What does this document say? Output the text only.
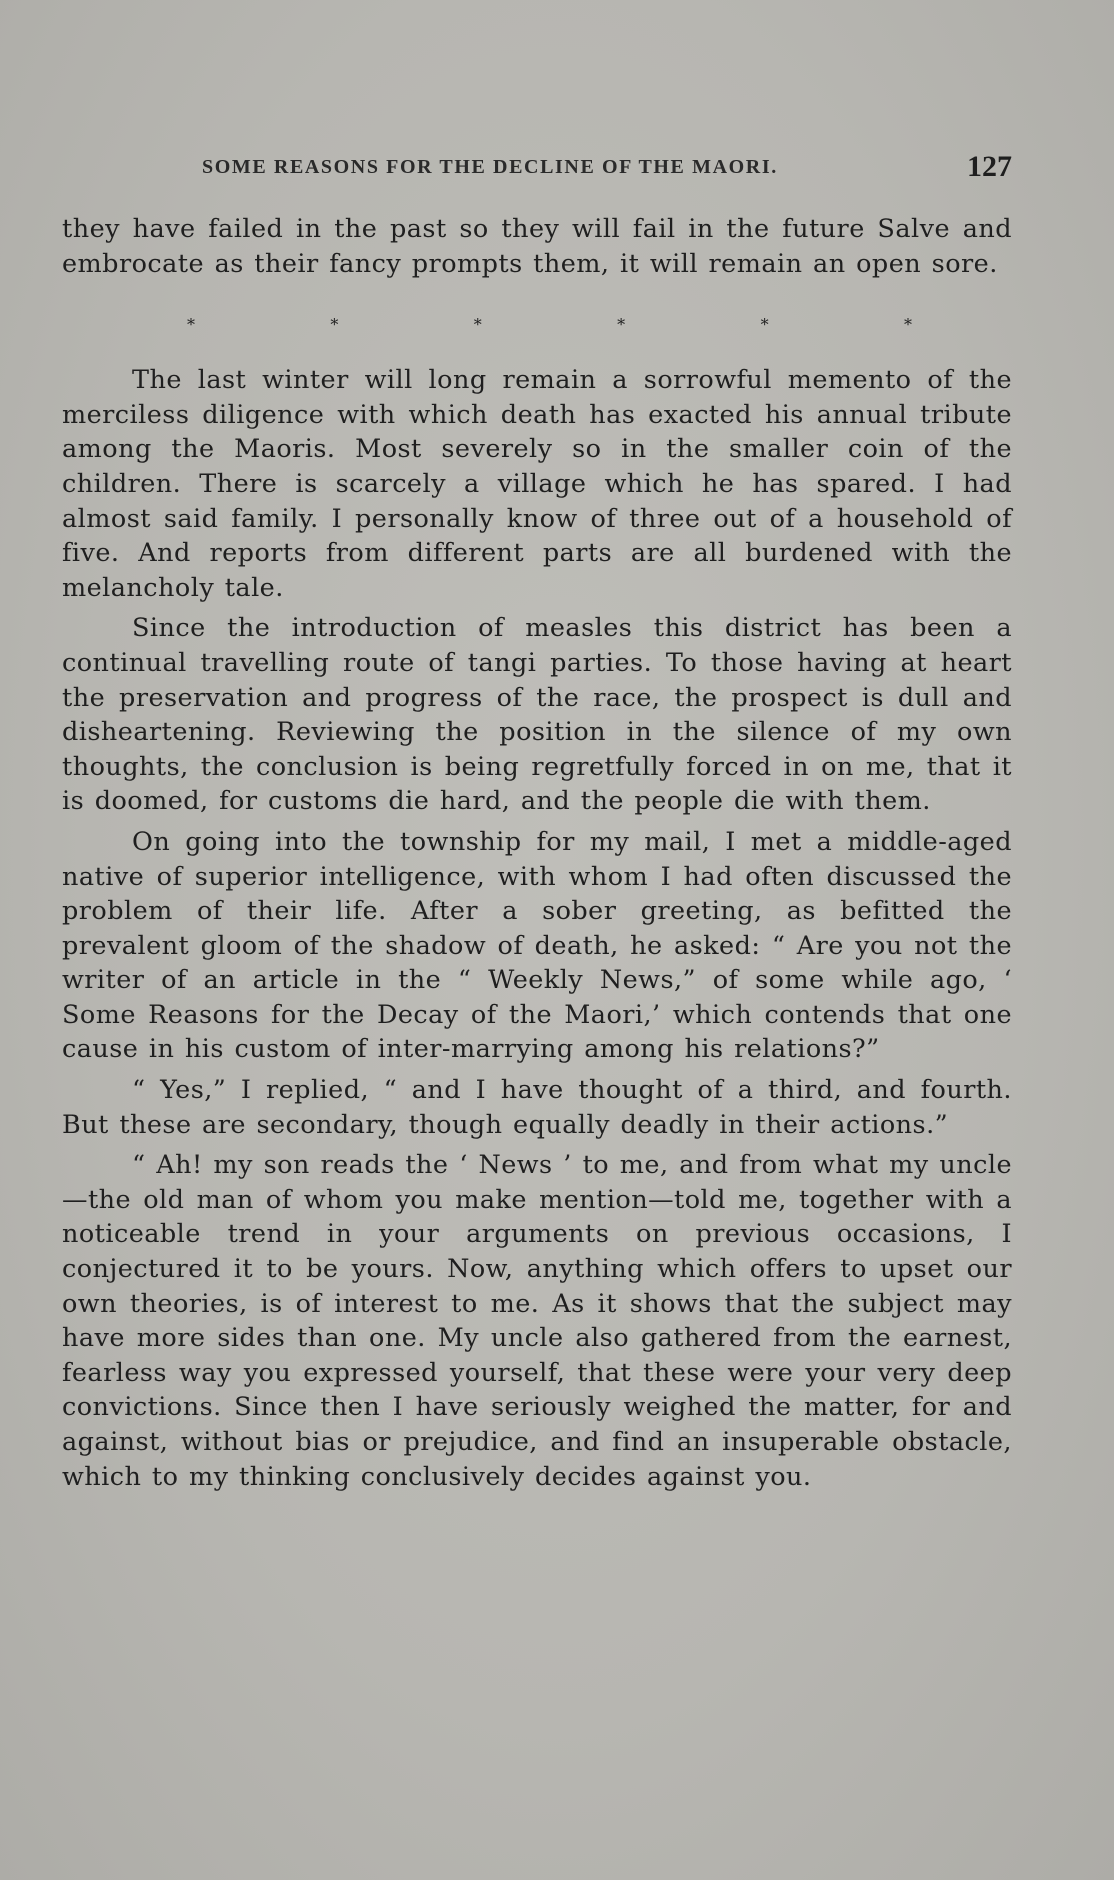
SOME REASONS FOR THE DECLINE OF THE MAORI.	127

they have failed in the past so they will fail in the future Salve and embrocate as their fancy prompts them, it will remain an open sore.

*	*	*	*	*	*

The last winter will long remain a sorrowful memento of the merciless diligence with which death has exacted his annual tribute among the Maoris. Most severely so in the smaller coin of the children. There is scarcely a village which he has spared. I had almost said family. I personally know of three out of a household of five. And reports from different parts are all burdened with the melancholy tale.

Since the introduction of measles this district has been a continual travelling route of tangi parties. To those having at heart the preservation and progress of the race, the prospect is dull and disheartening. Reviewing the position in the silence of my own thoughts, the conclusion is being regretfully forced in on me, that it is doomed, for customs die hard, and the people die with them.

On going into the township for my mail, I met a middle-aged native of superior intelligence, with whom I had often discussed the problem of their life. After a sober greeting, as befitted the prevalent gloom of the shadow of death, he asked: “ Are you not the writer of an article in the “ Weekly News,” of some while ago, ‘ Some Reasons for the Decay of the Maori,’ which contends that one cause in his custom of inter-marrying among his relations?”

“ Yes,” I replied, “ and I have thought of a third, and fourth. But these are secondary, though equally deadly in their actions.”

“ Ah! my son reads the ‘ News ’ to me, and from what my uncle—the old man of whom you make mention—told me, together with a noticeable trend in your arguments on previous occasions, I conjectured it to be yours. Now, anything which offers to upset our own theories, is of interest to me. As it shows that the subject may have more sides than one. My uncle also gathered from the earnest, fearless way you expressed yourself, that these were your very deep convictions. Since then I have seriously weighed the matter, for and against, without bias or prejudice, and find an insuperable obstacle, which to my thinking conclusively decides against you.
